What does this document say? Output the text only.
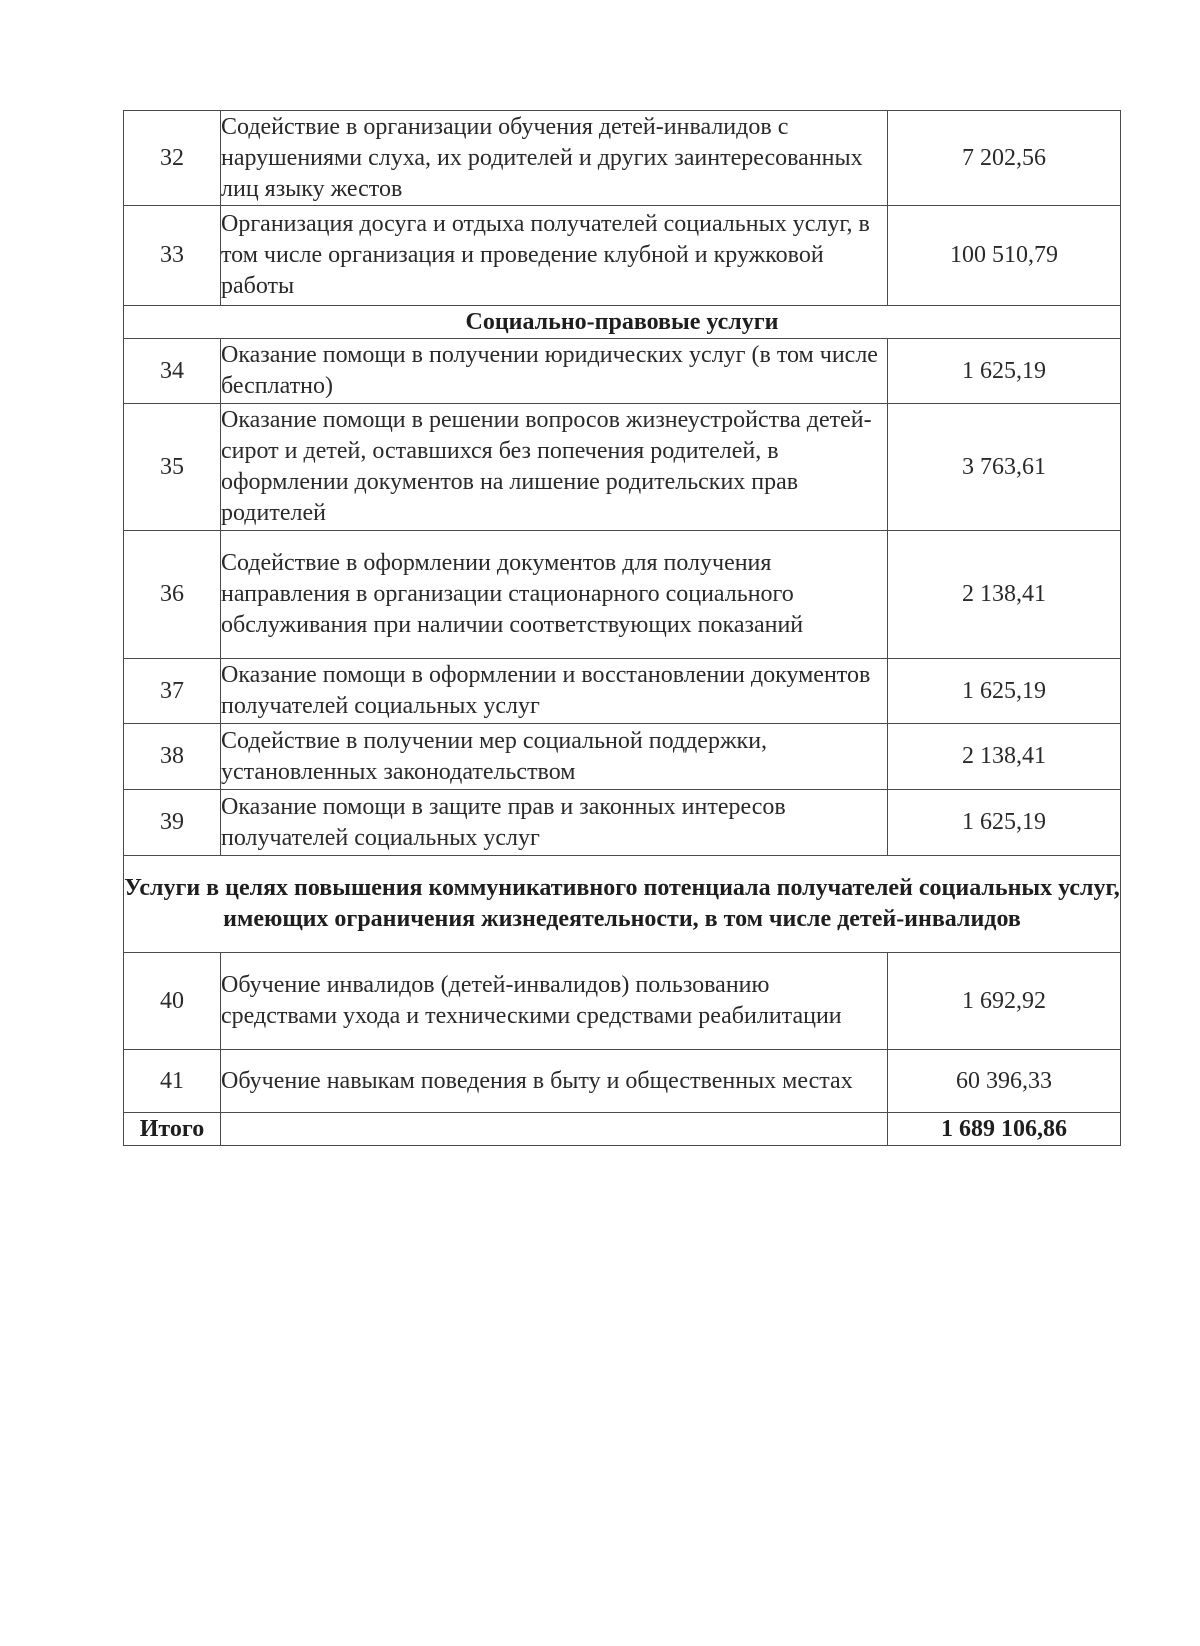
32	Содействие в организации обучения детей-инвалидов с нарушениями слуха, их родителей и других заинтересованных лиц языку жестов	7 202,56
33	Организация досуга и отдыха получателей социальных услуг, в том числе организация и проведение клубной и кружковой работы	100 510,79
Социально-правовые услуги		
34	Оказание помощи в получении юридических услуг (в том числе бесплатно)	1 625,19
35	Оказание помощи в решении вопросов жизнеустройства детей-сирот и детей, оставшихся без попечения родителей, в оформлении документов на лишение родительских прав родителей	3 763,61
36	Содействие в оформлении документов для получения направления в организации стационарного социального обслуживания при наличии соответствующих показаний	2 138,41
37	Оказание помощи в оформлении и восстановлении документов получателей социальных услуг	1 625,19
38	Содействие в получении мер социальной поддержки, установленных законодательством	2 138,41
39	Оказание помощи в защите прав и законных интересов получателей социальных услуг	1 625,19
Услуги в целях повышения коммуникативного потенциала получателей социальных услуг, имеющих ограничения жизнедеятельности, в том числе детей-инвалидов		
40	Обучение инвалидов (детей-инвалидов) пользованию средствами ухода и техническими средствами реабилитации	1 692,92
41	Обучение навыкам поведения в быту и общественных местах	60 396,33
Итого		1 689 106,86
